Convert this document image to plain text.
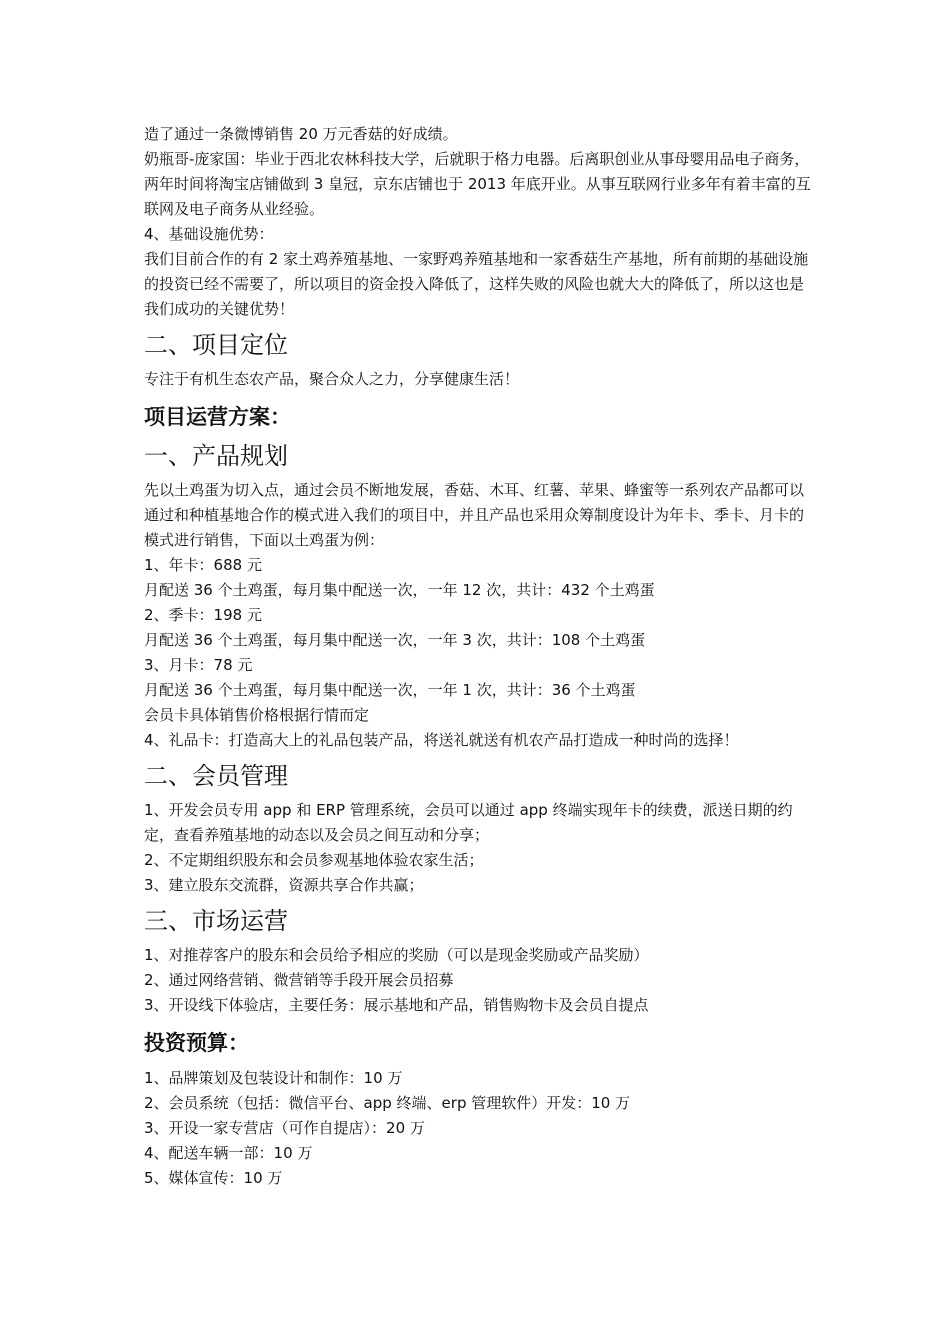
造了通过一条微博销售 20 万元香菇的好成绩。

奶瓶哥-庞家国：毕业于西北农林科技大学，后就职于格力电器。后离职创业从事母婴用品电子商务，两年时间将淘宝店铺做到 3 皇冠，京东店铺也于 2013 年底开业。从事互联网行业多年有着丰富的互联网及电子商务从业经验。

4、基础设施优势：

我们目前合作的有 2 家土鸡养殖基地、一家野鸡养殖基地和一家香菇生产基地，所有前期的基础设施的投资已经不需要了，所以项目的资金投入降低了，这样失败的风险也就大大的降低了，所以这也是我们成功的关键优势！

二、项目定位

专注于有机生态农产品，聚合众人之力，分享健康生活！

项目运营方案：
一、产品规划

先以土鸡蛋为切入点，通过会员不断地发展，香菇、木耳、红薯、苹果、蜂蜜等一系列农产品都可以通过和种植基地合作的模式进入我们的项目中，并且产品也采用众筹制度设计为年卡、季卡、月卡的模式进行销售，下面以土鸡蛋为例：

1、年卡：688 元

月配送 36 个土鸡蛋，每月集中配送一次，一年 12 次，共计：432 个土鸡蛋

2、季卡：198 元

月配送 36 个土鸡蛋，每月集中配送一次，一年 3 次，共计：108 个土鸡蛋

3、月卡：78 元

月配送 36 个土鸡蛋，每月集中配送一次，一年 1 次，共计：36 个土鸡蛋

会员卡具体销售价格根据行情而定

4、礼品卡：打造高大上的礼品包装产品，将送礼就送有机农产品打造成一种时尚的选择！

二、会员管理

1、开发会员专用 app 和 ERP 管理系统，会员可以通过 app 终端实现年卡的续费，派送日期的约定，查看养殖基地的动态以及会员之间互动和分享；

2、不定期组织股东和会员参观基地体验农家生活；

3、建立股东交流群，资源共享合作共赢；

三、市场运营

1、对推荐客户的股东和会员给予相应的奖励（可以是现金奖励或产品奖励）

2、通过网络营销、微营销等手段开展会员招募

3、开设线下体验店，主要任务：展示基地和产品，销售购物卡及会员自提点

投资预算：

1、品牌策划及包装设计和制作：10 万

2、会员系统（包括：微信平台、app 终端、erp 管理软件）开发：10 万

3、开设一家专营店（可作自提店）：20 万

4、配送车辆一部：10 万

5、媒体宣传：10 万
